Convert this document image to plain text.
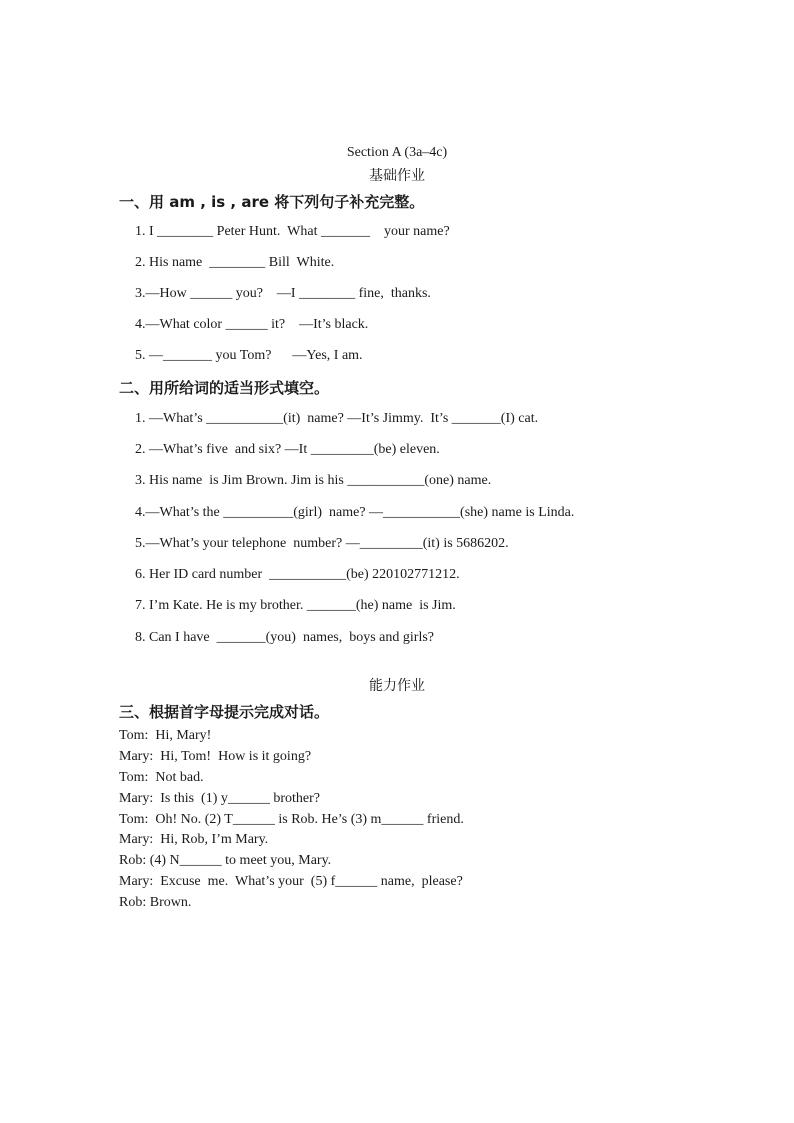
Section A (3a–4c)
基础作业
一、用 am , is , are 将下列句子补充完整。
1. I ________ Peter Hunt.  What _______    your name?
2. His name  ________ Bill  White.
3.—How ______ you?    —I ________ fine,  thanks.
4.—What color ______ it?    —It’s black.
5. —_______ you Tom?      —Yes, I am.
二、用所给词的适当形式填空。
1. —What’s ___________(it)  name? —It’s Jimmy.  It’s _______(I) cat.
2. —What’s five  and six? —It _________(be) eleven.
3. His name  is Jim Brown. Jim is his ___________(one) name.
4.—What’s the __________(girl)  name? —___________(she) name is Linda.
5.—What’s your telephone  number? —_________(it) is 5686202.
6. Her ID card number  ___________(be) 220102771212.
7. I’m Kate. He is my brother. _______(he) name  is Jim.
8. Can I have  _______(you)  names,  boys and girls?
能力作业
三、根据首字母提示完成对话。
Tom:  Hi, Mary!
Mary:  Hi, Tom!  How is it going?
Tom:  Not bad.
Mary:  Is this  (1) y______ brother?
Tom:  Oh! No. (2) T______ is Rob. He’s (3) m______ friend.
Mary:  Hi, Rob, I’m Mary.
Rob: (4) N______ to meet you, Mary.
Mary:  Excuse  me.  What’s your  (5) f______ name,  please?
Rob: Brown.
